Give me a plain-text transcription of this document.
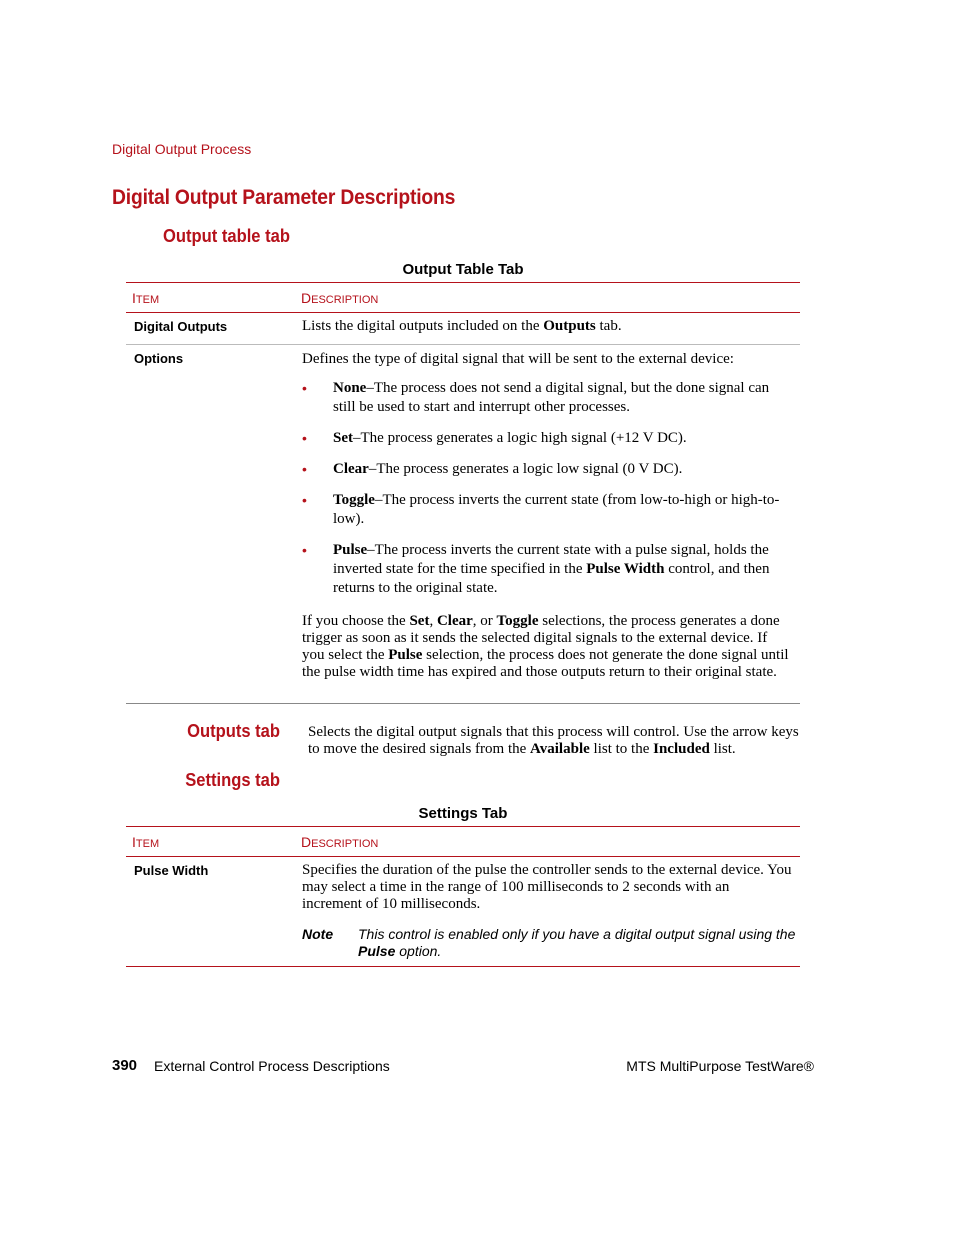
Digital Output Process
Digital Output Parameter Descriptions
Output table tab
Output Table Tab
ITEM	DESCRIPTION
Digital Outputs	Lists the digital outputs included on the Outputs tab.
Options	Defines the type of digital signal that will be sent to the external device:
• None–The process does not send a digital signal, but the done signal can still be used to start and interrupt other processes.
• Set–The process generates a logic high signal (+12 V DC).
• Clear–The process generates a logic low signal (0 V DC).
• Toggle–The process inverts the current state (from low-to-high or high-to-low).
• Pulse–The process inverts the current state with a pulse signal, holds the inverted state for the time specified in the Pulse Width control, and then returns to the original state.
If you choose the Set, Clear, or Toggle selections, the process generates a done trigger as soon as it sends the selected digital signals to the external device. If you select the Pulse selection, the process does not generate the done signal until the pulse width time has expired and those outputs return to their original state.
Outputs tab Selects the digital output signals that this process will control. Use the arrow keys to move the desired signals from the Available list to the Included list.
Settings tab
Settings Tab
ITEM	DESCRIPTION
Pulse Width	Specifies the duration of the pulse the controller sends to the external device. You may select a time in the range of 100 milliseconds to 2 seconds with an increment of 10 milliseconds.
Note This control is enabled only if you have a digital output signal using the Pulse option.
390 External Control Process Descriptions	MTS MultiPurpose TestWare®
